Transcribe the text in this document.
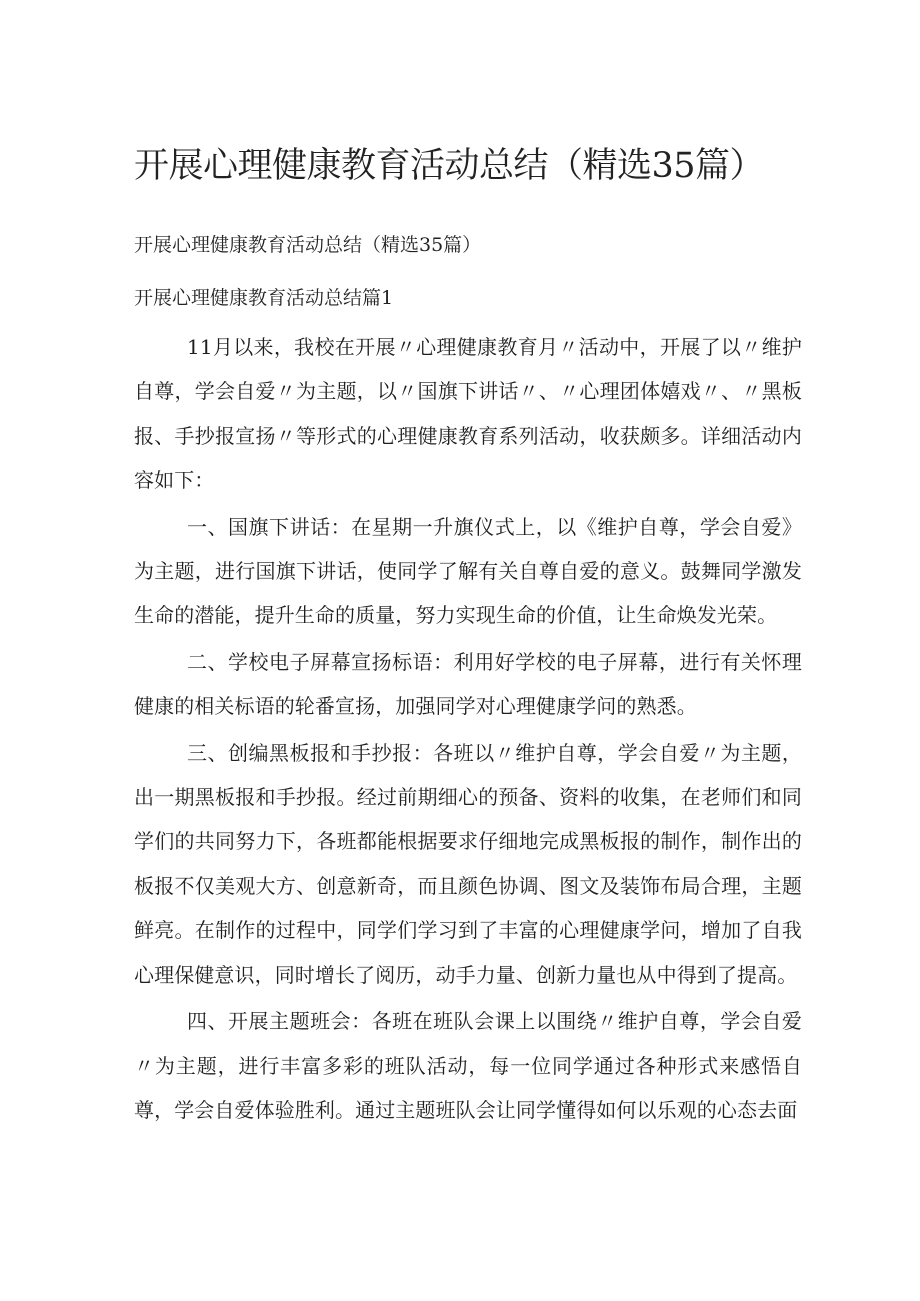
开展心理健康教育活动总结（精选35篇）

开展心理健康教育活动总结（精选35篇）

开展心理健康教育活动总结篇1

11月以来，我校在开展〃心理健康教育月〃活动中，开展了以〃维护自尊，学会自爱〃为主题，以〃国旗下讲话〃、〃心理团体嬉戏〃、〃黑板报、手抄报宣扬〃等形式的心理健康教育系列活动，收获颇多。详细活动内容如下：

一、国旗下讲话：在星期一升旗仪式上，以《维护自尊，学会自爱》为主题，进行国旗下讲话，使同学了解有关自尊自爱的意义。鼓舞同学激发生命的潜能，提升生命的质量，努力实现生命的价值，让生命焕发光荣。

二、学校电子屏幕宣扬标语：利用好学校的电子屏幕，进行有关怀理健康的相关标语的轮番宣扬，加强同学对心理健康学问的熟悉。

三、创编黑板报和手抄报：各班以〃维护自尊，学会自爱〃为主题，出一期黑板报和手抄报。经过前期细心的预备、资料的收集，在老师们和同学们的共同努力下，各班都能根据要求仔细地完成黑板报的制作，制作出的板报不仅美观大方、创意新奇，而且颜色协调、图文及装饰布局合理，主题鲜亮。在制作的过程中，同学们学习到了丰富的心理健康学问，增加了自我心理保健意识，同时增长了阅历，动手力量、创新力量也从中得到了提高。

四、开展主题班会：各班在班队会课上以围绕〃维护自尊，学会自爱〃为主题，进行丰富多彩的班队活动，每一位同学通过各种形式来感悟自尊，学会自爱体验胜利。通过主题班队会让同学懂得如何以乐观的心态去面
